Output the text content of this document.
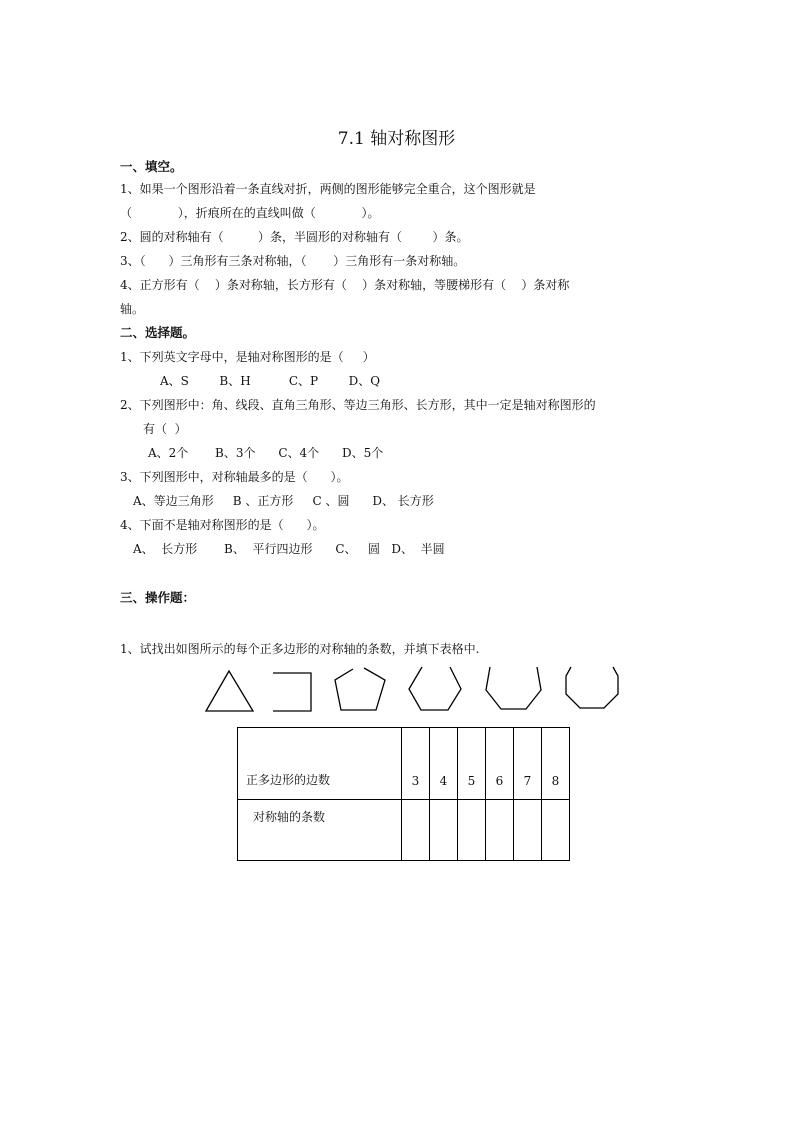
7.1 轴对称图形
一、填空。
1、如果一个图形沿着一条直线对折，两侧的图形能够完全重合，这个图形就是
（            ），折痕所在的直线叫做（            ）。
2、圆的对称轴有（         ）条，半圆形的对称轴有（        ）条。
3、（      ）三角形有三条对称轴，（       ）三角形有一条对称轴。
4、正方形有（    ）条对称轴，长方形有（    ）条对称轴，等腰梯形有（    ）条对称
轴。
二、选择题。
1、下列英文字母中，是轴对称图形的是（     ）
A、S        B、H          C、P        D、Q
2、下列图形中：角、线段、直角三角形、等边三角形、长方形，其中一定是轴对称图形的
有（  ）
A、2个       B、3个      C、4个      D、5个
3、下列图形中，对称轴最多的是（      ）。
A、等边三角形     B 、正方形     C 、圆      D、 长方形
4、下面不是轴对称图形的是（      ）。
A、  长方形       B、  平行四边形      C、   圆   D、  半圆
三、操作题：
1、试找出如图所示的每个正多边形的对称轴的条数，并填下表格中.
正多边形的边数	3	4	5	6	7	8
对称轴的条数						
